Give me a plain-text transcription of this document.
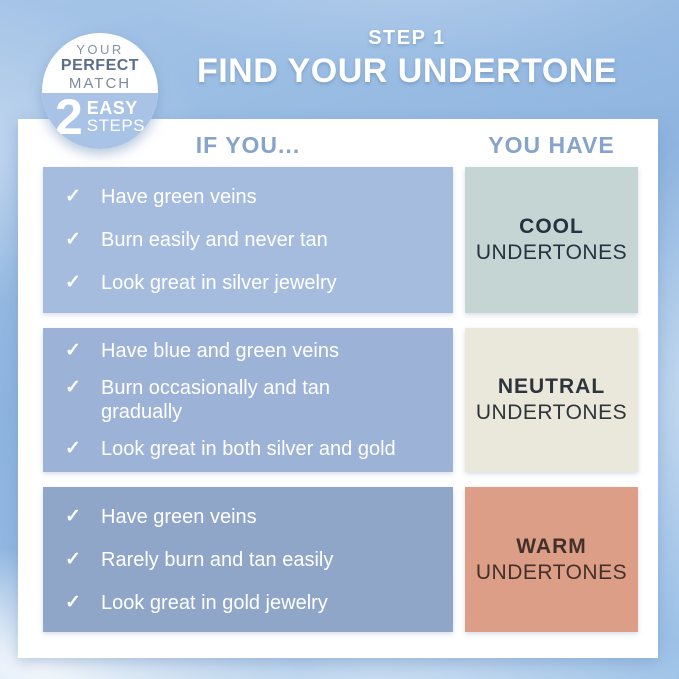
STEP 1
FIND YOUR UNDERTONE
IF YOU...	YOU HAVE
✓	Have green veins
✓	Burn easily and never tan
✓	Look great in silver jewelry
COOL
UNDERTONES
✓	Have blue and green veins
✓	Burn occasionally and tan gradually
✓	Look great in both silver and gold
NEUTRAL
UNDERTONES
✓	Have green veins
✓	Rarely burn and tan easily
✓	Look great in gold jewelry
WARM
UNDERTONES
YOUR
PERFECT
MATCH
2 EASY
STEPS
